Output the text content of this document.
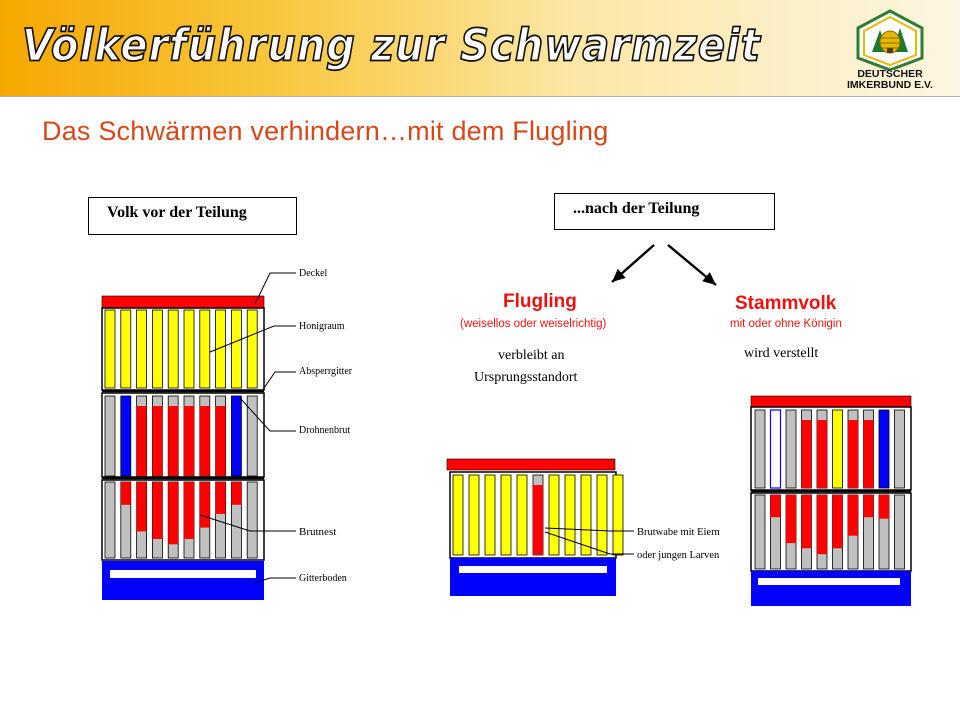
Völkerführung zur Schwarmzeit
DEUTSCHER
IMKERBUND E.V.
Das Schwärmen verhindern…mit dem Flugling
Volk vor der Teilung	...nach der Teilung
Deckel
Honigraum
Absperrgitter
Drohnenbrut
Brutnest
Gitterboden
Flugling
(weisellos oder weiselrichtig)
verbleibt an
Ursprungsstandort
Stammvolk
mit oder ohne Königin
wird verstellt
Brutwabe mit Eiern
oder jungen Larven
